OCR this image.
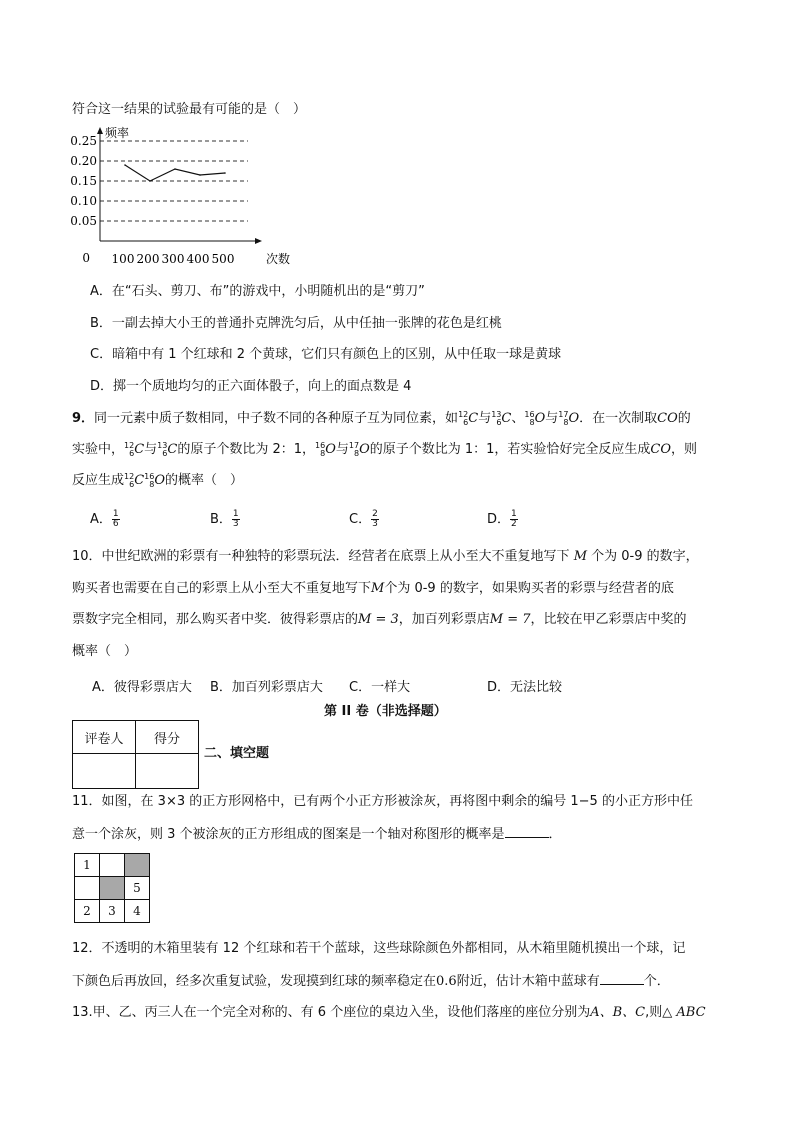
符合这一结果的试验最有可能的是（　）
0.25
0.20
0.15
0.10
0.05
频率
次数
0 100 200 300 400 500
A．在“石头、剪刀、布”的游戏中，小明随机出的是“剪刀”
B．一副去掉大小王的普通扑克牌洗匀后，从中任抽一张牌的花色是红桃
C．暗箱中有 1 个红球和 2 个黄球，它们只有颜色上的区别，从中任取一球是黄球
D．掷一个质地均匀的正六面体骰子，向上的面点数是 4
9．同一元素中质子数相同，中子数不同的各种原子互为同位素，如 12
6 C与 13
6 C、 16
8 O与 17
8 O．在一次制取CO的
实验中， 12
6 C与 13
6 C的原子个数比为 2：1， 16
8 O与 17
8 O的原子个数比为 1：1，若实验恰好完全反应生成CO，则
反应生成 12
6 C 16
8 O的概率（　）
A． $\frac{1}{6}$	B． $\frac{1}{3}$	C． $\frac{2}{3}$	D． $\frac{1}{2}$
10．中世纪欧洲的彩票有一种独特的彩票玩法．经营者在底票上从小至大不重复地写下 M 个为 0-9 的数字，
购买者也需要在自己的彩票上从小至大不重复地写下M个为 0-9 的数字，如果购买者的彩票与经营者的底
票数字完全相同，那么购买者中奖．彼得彩票店的M = 3，加百列彩票店M = 7，比较在甲乙彩票店中奖的
概率（　）
A．彼得彩票店大 B．加百列彩票店大 C．一样大	D．无法比较
第 II 卷（非选择题）
评卷人	得分

二、填空题
11．如图，在 3×3 的正方形网格中，已有两个小正方形被涂灰，再将图中剩余的编号 1−5 的小正方形中任
意一个涂灰，则 3 个被涂灰的正方形组成的图案是一个轴对称图形的概率是	．
1		
		5
2	3	4
12．不透明的木箱里装有 12 个红球和若干个蓝球，这些球除颜色外都相同，从木箱里随机摸出一个球，记
下颜色后再放回，经多次重复试验，发现摸到红球的频率稳定在0.6附近，估计木箱中蓝球有	个．
13.甲、乙、丙三人在一个完全对称的、有 6 个座位的桌边入坐，设他们落座的座位分别为A、B、C,则△ ABC
